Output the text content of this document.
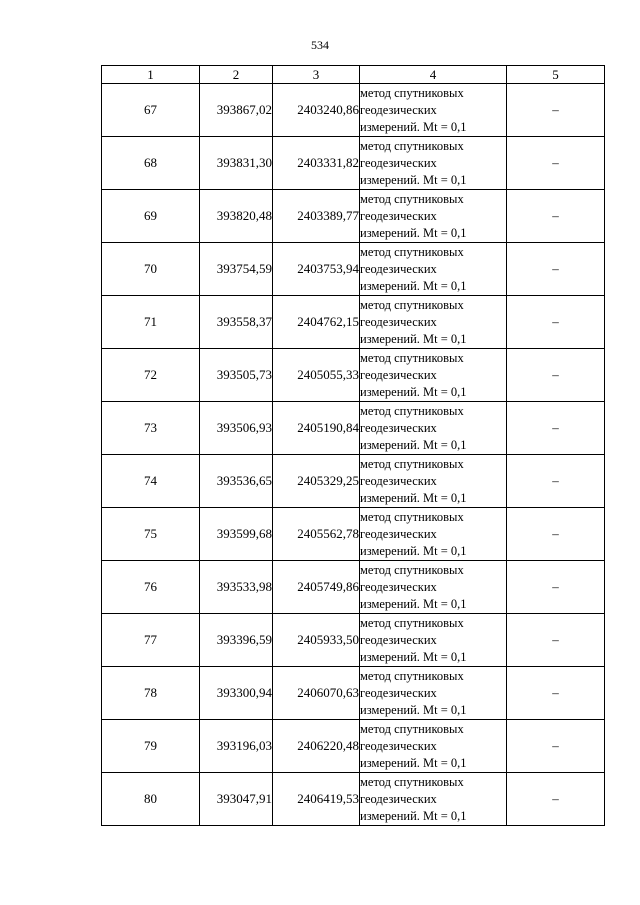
534
1	2	3	4	5
67	393867,02	2403240,86	метод спутниковых
геодезических
измерений. Mt = 0,1	–
68	393831,30	2403331,82	метод спутниковых
геодезических
измерений. Mt = 0,1	–
69	393820,48	2403389,77	метод спутниковых
геодезических
измерений. Mt = 0,1	–
70	393754,59	2403753,94	метод спутниковых
геодезических
измерений. Mt = 0,1	–
71	393558,37	2404762,15	метод спутниковых
геодезических
измерений. Mt = 0,1	–
72	393505,73	2405055,33	метод спутниковых
геодезических
измерений. Mt = 0,1	–
73	393506,93	2405190,84	метод спутниковых
геодезических
измерений. Mt = 0,1	–
74	393536,65	2405329,25	метод спутниковых
геодезических
измерений. Mt = 0,1	–
75	393599,68	2405562,78	метод спутниковых
геодезических
измерений. Mt = 0,1	–
76	393533,98	2405749,86	метод спутниковых
геодезических
измерений. Mt = 0,1	–
77	393396,59	2405933,50	метод спутниковых
геодезических
измерений. Mt = 0,1	–
78	393300,94	2406070,63	метод спутниковых
геодезических
измерений. Mt = 0,1	–
79	393196,03	2406220,48	метод спутниковых
геодезических
измерений. Mt = 0,1	–
80	393047,91	2406419,53	метод спутниковых
геодезических
измерений. Mt = 0,1	–
